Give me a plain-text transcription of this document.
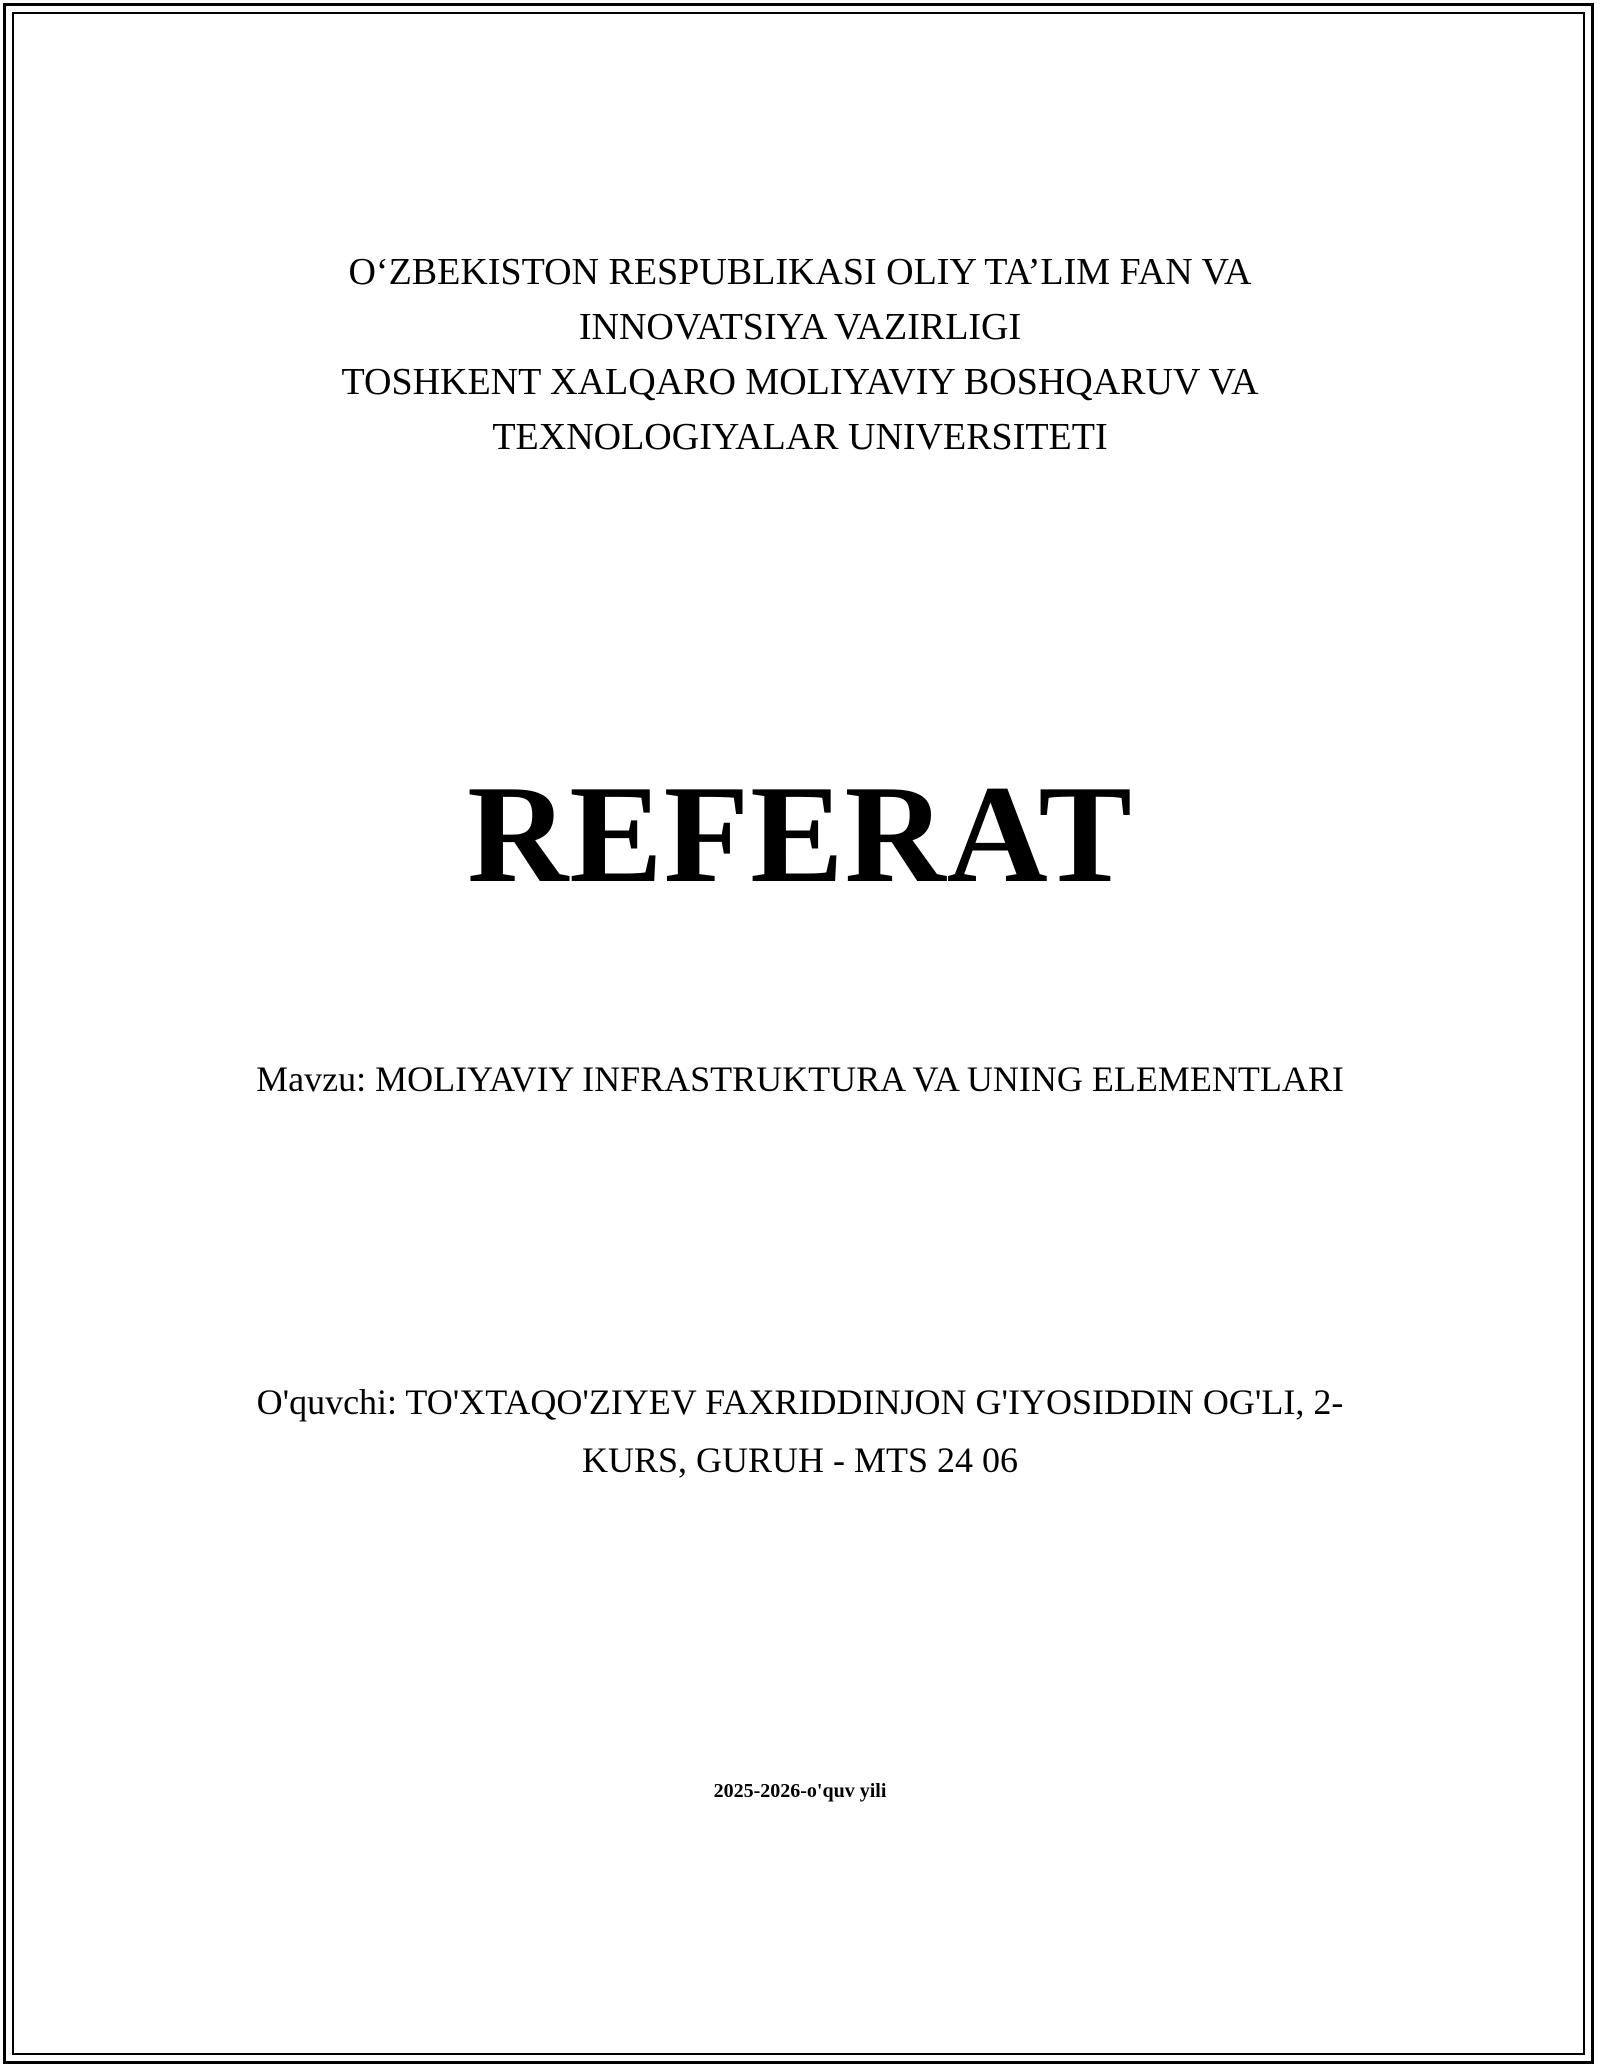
O‘ZBEKISTON RESPUBLIKASI OLIY TA’LIM FAN VA
INNOVATSIYA VAZIRLIGI
TOSHKENT XALQARO MOLIYAVIY BOSHQARUV VA
TEXNOLOGIYALAR UNIVERSITETI
REFERAT
Mavzu: MOLIYAVIY INFRASTRUKTURA VA UNING ELEMENTLARI
O'quvchi: TO'XTAQO'ZIYEV FAXRIDDINJON G'IYOSIDDIN OG'LI, 2-
KURS, GURUH - MTS 24 06
2025-2026-o'quv yili
